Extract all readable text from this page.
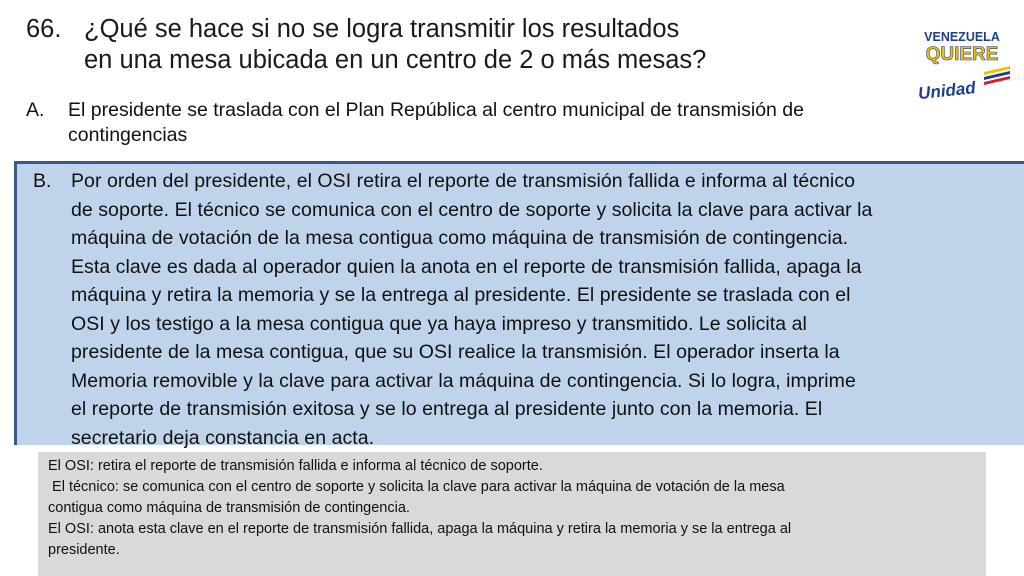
66. ¿Qué se hace si no se logra transmitir los resultados
en una mesa ubicada en un centro de 2 o más mesas?
VENEZUELA
QUIERE
Unidad
A. El presidente se traslada con el Plan República al centro municipal de transmisión de
contingencias
B. Por orden del presidente, el OSI retira el reporte de transmisión fallida e informa al técnico
de soporte. El técnico se comunica con el centro de soporte y solicita la clave para activar la
máquina de votación de la mesa contigua como máquina de transmisión de contingencia.
Esta clave es dada al operador quien la anota en el reporte de transmisión fallida, apaga la
máquina y retira la memoria y se la entrega al presidente. El presidente se traslada con el
OSI y los testigo a la mesa contigua que ya haya impreso y transmitido. Le solicita al
presidente de la mesa contigua, que su OSI realice la transmisión. El operador inserta la
Memoria removible y la clave para activar la máquina de contingencia. Si lo logra, imprime
el reporte de transmisión exitosa y se lo entrega al presidente junto con la memoria. El
secretario deja constancia en acta.
El OSI: retira el reporte de transmisión fallida e informa al técnico de soporte.
El técnico: se comunica con el centro de soporte y solicita la clave para activar la máquina de votación de la mesa
contigua como máquina de transmisión de contingencia.
El OSI: anota esta clave en el reporte de transmisión fallida, apaga la máquina y retira la memoria y se la entrega al
presidente.
